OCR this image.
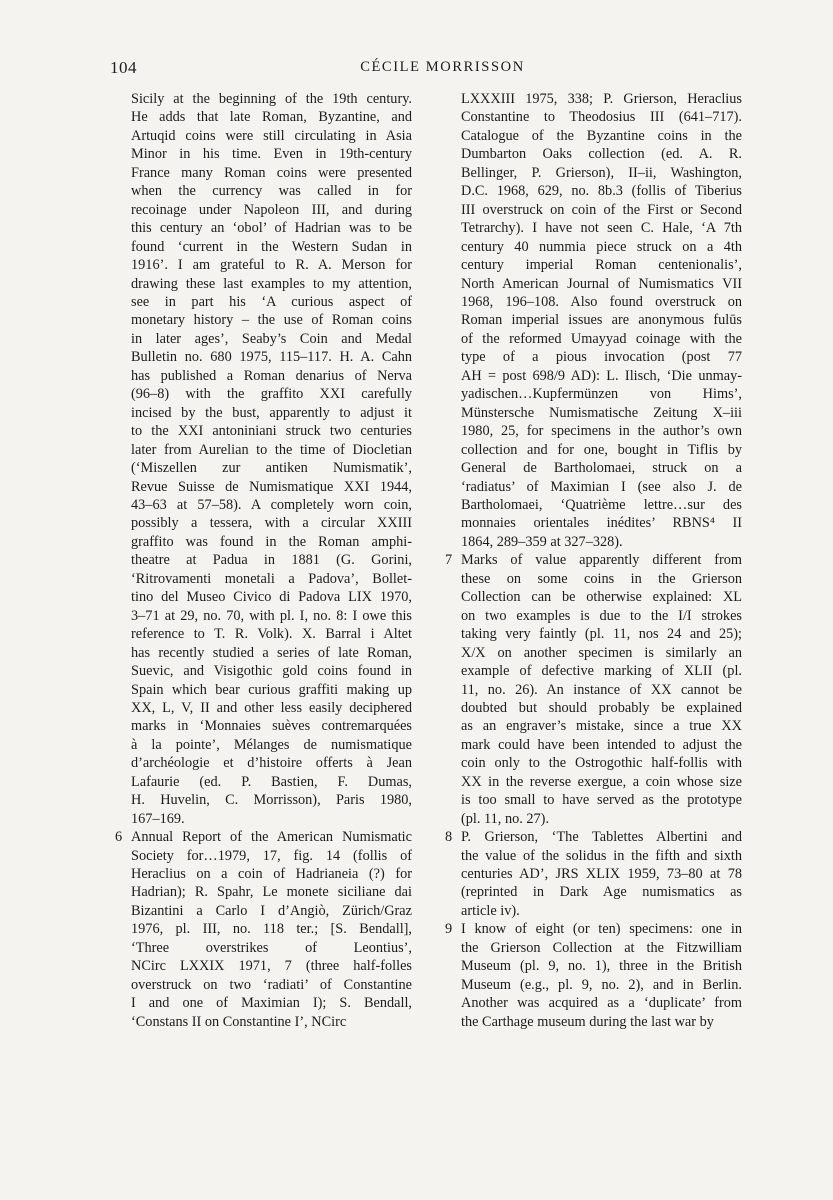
104	CÉCILE MORRISSON

Sicily at the beginning of the 19th century.
He adds that late Roman, Byzantine, and
Artuqid coins were still circulating in Asia
Minor in his time. Even in 19th-century
France many Roman coins were presented
when the currency was called in for
recoinage under Napoleon III, and during
this century an ‘obol’ of Hadrian was to be
found ‘current in the Western Sudan in
1916’. I am grateful to R. A. Merson for
drawing these last examples to my attention,
see in part his ‘A curious aspect of
monetary history – the use of Roman coins
in later ages’, Seaby’s Coin and Medal
Bulletin no. 680 1975, 115–117. H. A. Cahn
has published a Roman denarius of Nerva
(96–8) with the graffito XXI carefully
incised by the bust, apparently to adjust it
to the XXI antoniniani struck two centuries
later from Aurelian to the time of Diocletian
(‘Miszellen zur antiken Numismatik’,
Revue Suisse de Numismatique XXI 1944,
43–63 at 57–58). A completely worn coin,
possibly a tessera, with a circular XXIII
graffito was found in the Roman amphi-
theatre at Padua in 1881 (G. Gorini,
‘Ritrovamenti monetali a Padova’, Bollet-
tino del Museo Civico di Padova LIX 1970,
3–71 at 29, no. 70, with pl. I, no. 8: I owe this
reference to T. R. Volk). X. Barral i Altet
has recently studied a series of late Roman,
Suevic, and Visigothic gold coins found in
Spain which bear curious graffiti making up
XX, L, V, II and other less easily deciphered
marks in ‘Monnaies suèves contremarquées
à la pointe’, Mélanges de numismatique
d’archéologie et d’histoire offerts à Jean
Lafaurie (ed. P. Bastien, F. Dumas,
H. Huvelin, C. Morrisson), Paris 1980,
167–169.

6 Annual Report of the American Numismatic
Society for…1979, 17, fig. 14 (follis of
Heraclius on a coin of Hadrianeia (?) for
Hadrian); R. Spahr, Le monete siciliane dai
Bizantini a Carlo I d’Angiò, Zürich/Graz
1976, pl. III, no. 118 ter.; [S. Bendall],
‘Three overstrikes of Leontius’,
NCirc LXXIX 1971, 7 (three half-folles
overstruck on two ‘radiati’ of Constantine
I and one of Maximian I); S. Bendall,
‘Constans II on Constantine I’, NCirc

LXXXIII 1975, 338; P. Grierson, Heraclius
Constantine to Theodosius III (641–717).
Catalogue of the Byzantine coins in the
Dumbarton Oaks collection (ed. A. R.
Bellinger, P. Grierson), II–ii, Washington,
D.C. 1968, 629, no. 8b.3 (follis of Tiberius
III overstruck on coin of the First or Second
Tetrarchy). I have not seen C. Hale, ‘A 7th
century 40 nummia piece struck on a 4th
century imperial Roman centenionalis’,
North American Journal of Numismatics VII
1968, 196–108. Also found overstruck on
Roman imperial issues are anonymous fulūs
of the reformed Umayyad coinage with the
type of a pious invocation (post 77
AH = post 698/9 AD): L. Ilisch, ‘Die unmay-
yadischen…Kupfermünzen von Hims’,
Münstersche Numismatische Zeitung X–iii
1980, 25, for specimens in the author’s own
collection and for one, bought in Tiflis by
General de Bartholomaei, struck on a
‘radiatus’ of Maximian I (see also J. de
Bartholomaei, ‘Quatrième lettre…sur des
monnaies orientales inédites’ RBNS⁴ II
1864, 289–359 at 327–328).

7 Marks of value apparently different from
these on some coins in the Grierson
Collection can be otherwise explained: XL
on two examples is due to the I/I strokes
taking very faintly (pl. 11, nos 24 and 25);
X/X on another specimen is similarly an
example of defective marking of XLII (pl.
11, no. 26). An instance of XX cannot be
doubted but should probably be explained
as an engraver’s mistake, since a true XX
mark could have been intended to adjust the
coin only to the Ostrogothic half-follis with
XX in the reverse exergue, a coin whose size
is too small to have served as the prototype
(pl. 11, no. 27).

8 P. Grierson, ‘The Tablettes Albertini and
the value of the solidus in the fifth and sixth
centuries AD’, JRS XLIX 1959, 73–80 at 78
(reprinted in Dark Age numismatics as
article iv).

9 I know of eight (or ten) specimens: one in
the Grierson Collection at the Fitzwilliam
Museum (pl. 9, no. 1), three in the British
Museum (e.g., pl. 9, no. 2), and in Berlin.
Another was acquired as a ‘duplicate’ from
the Carthage museum during the last war by
